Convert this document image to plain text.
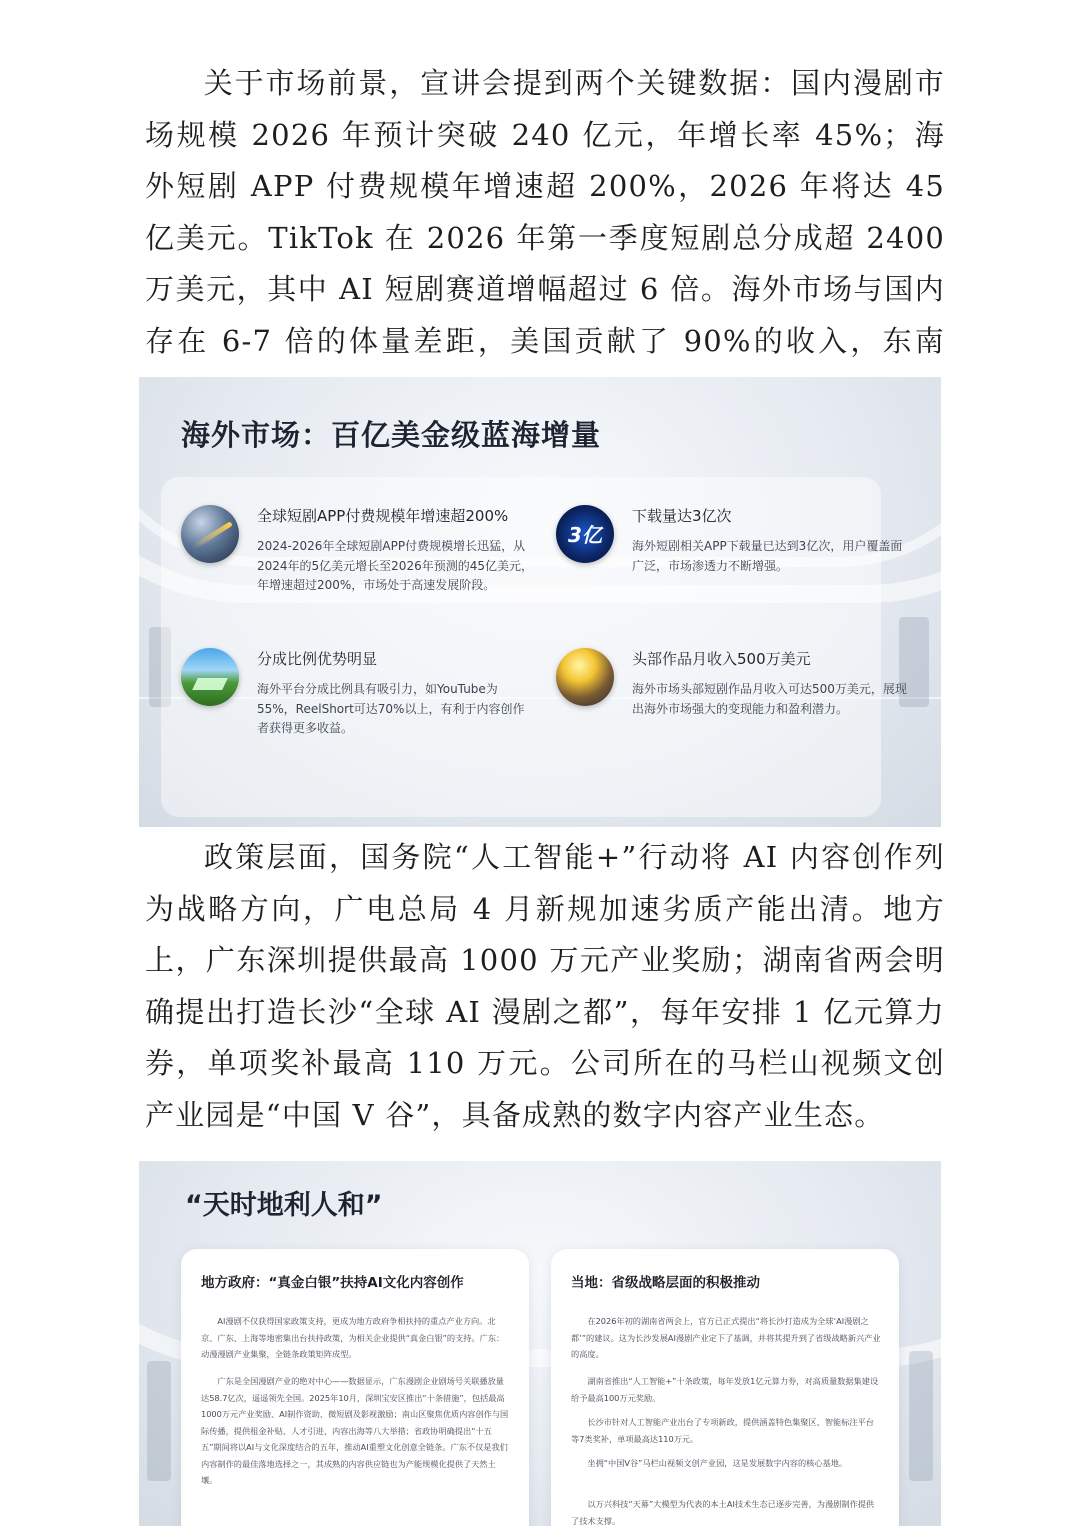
关于市场前景，宣讲会提到两个关键数据：国内漫剧市场规模 2026 年预计突破 240 亿元，年增长率 45%；海外短剧 APP 付费规模年增速超 200%，2026 年将达 45 亿美元。TikTok 在 2026 年第一季度短剧总分成超 2400 万美元，其中 AI 短剧赛道增幅超过 6 倍。海外市场与国内存在 6-7 倍的体量差距，美国贡献了 90%的收入，东南

海外市场：百亿美金级蓝海增量

全球短剧APP付费规模年增速超200%

2024-2026年全球短剧APP付费规模增长迅猛，从2024年的5亿美元增长至2026年预测的45亿美元，年增速超过200%，市场处于高速发展阶段。

3亿

下载量达3亿次

海外短剧相关APP下载量已达到3亿次，用户覆盖面广泛，市场渗透力不断增强。

分成比例优势明显

海外平台分成比例具有吸引力，如YouTube为55%，ReelShort可达70%以上，有利于内容创作者获得更多收益。

头部作品月收入500万美元

海外市场头部短剧作品月收入可达500万美元，展现出海外市场强大的变现能力和盈利潜力。

政策层面，国务院“人工智能+”行动将 AI 内容创作列为战略方向，广电总局 4 月新规加速劣质产能出清。地方上，广东深圳提供最高 1000 万元产业奖励；湖南省两会明确提出打造长沙“全球 AI 漫剧之都”，每年安排 1 亿元算力券，单项奖补最高 110 万元。公司所在的马栏山视频文创产业园是“中国 V 谷”，具备成熟的数字内容产业生态。

“天时地利人和”
地方政府：“真金白银”扶持AI文化内容创作

AI漫剧不仅获得国家政策支持，更成为地方政府争相扶持的重点产业方向。北京、广东、上海等地密集出台扶持政策，为相关企业提供“真金白银”的支持。广东：动漫漫剧产业集聚，全链条政策矩阵成型。

广东是全国漫剧产业的绝对中心——数据显示，广东漫剧企业剧场号关联播放量达58.7亿次，遥遥领先全国。2025年10月，深圳宝安区推出“十条措施”，包括最高1000万元产业奖励、AI制作资助、微短剧及影视激励；南山区聚焦优质内容创作与国际传播，提供租金补贴、人才引进、内容出海等八大举措；省政协明确提出“十五五”期间将以AI与文化深度结合的五年，推动AI重塑文化创意全链条。广东不仅是我们内容制作的最佳落地选择之一，其成熟的内容供应链也为产能规模化提供了天然土壤。

当地：省级战略层面的积极推动

在2026年初的湖南省两会上，官方已正式提出“将长沙打造成为全球‘AI漫剧之都’”的建议。这为长沙发展AI漫剧产业定下了基调，并将其提升到了省级战略新兴产业的高度。

湖南省推出“人工智能+”十条政策，每年发放1亿元算力券，对高质量数据集建设给予最高100万元奖励。

长沙市针对人工智能产业出台了专项新政，提供涵盖特色集聚区、智能标注平台等7类奖补，单项最高达110万元。

坐拥“中国V谷”马栏山视频文创产业园，这是发展数字内容的核心基地。

以万兴科技“天幕”大模型为代表的本土AI技术生态已逐步完善，为漫剧制作提供了技术支撑。
